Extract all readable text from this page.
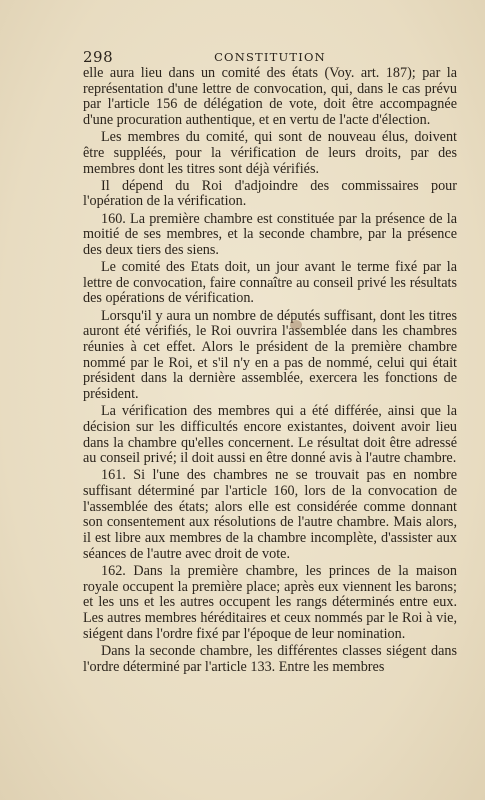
298	CONSTITUTION

elle aura lieu dans un comité des états (Voy. art. 187); par la représentation d'une lettre de convocation, qui, dans le cas prévu par l'article 156 de délégation de vote, doit être accompagnée d'une procuration authentique, et en vertu de l'acte d'élection.

Les membres du comité, qui sont de nouveau élus, doivent être suppléés, pour la vérification de leurs droits, par des membres dont les titres sont déjà vérifiés.

Il dépend du Roi d'adjoindre des commissaires pour l'opération de la vérification.

160. La première chambre est constituée par la présence de la moitié de ses membres, et la seconde chambre, par la présence des deux tiers des siens.

Le comité des Etats doit, un jour avant le terme fixé par la lettre de convocation, faire connaître au conseil privé les résultats des opérations de vérification.

Lorsqu'il y aura un nombre de députés suffisant, dont les titres auront été vérifiés, le Roi ouvrira l'assemblée dans les chambres réunies à cet effet. Alors le président de la première chambre nommé par le Roi, et s'il n'y en a pas de nommé, celui qui était président dans la dernière assemblée, exercera les fonctions de président.

La vérification des membres qui a été différée, ainsi que la décision sur les difficultés encore existantes, doivent avoir lieu dans la chambre qu'elles concernent. Le résultat doit être adressé au conseil privé; il doit aussi en être donné avis à l'autre chambre.

161. Si l'une des chambres ne se trouvait pas en nombre suffisant déterminé par l'article 160, lors de la convocation de l'assemblée des états; alors elle est considérée comme donnant son consentement aux résolutions de l'autre chambre. Mais alors, il est libre aux membres de la chambre incomplète, d'assister aux séances de l'autre avec droit de vote.

162. Dans la première chambre, les princes de la maison royale occupent la première place; après eux viennent les barons; et les uns et les autres occupent les rangs déterminés entre eux. Les autres membres héréditaires et ceux nommés par le Roi à vie, siégent dans l'ordre fixé par l'époque de leur nomination.

Dans la seconde chambre, les différentes classes siégent dans l'ordre déterminé par l'article 133. Entre les membres
